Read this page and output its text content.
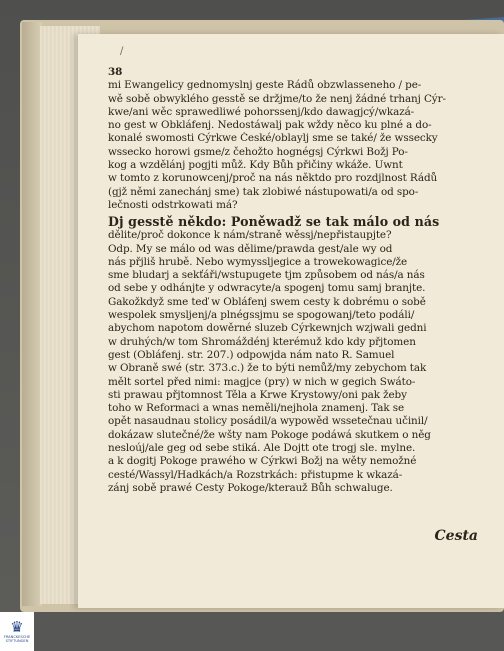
/
38
mi Ewangelicy gednomyslnj geste Rádů obzwlasseneho / pe-
wě sobě obwyklého gesstě se držjme/to že nenj žádné trhanj Cýr-
kwe/ani wěc sprawedliwé pohorssenj/kdo dawagjcý/wkazá-
no gest w Obkláfenj. Nedostáwalj pak wždy něco ku plné a do-
konalé swomosti Cýrkwe České/oblaylj sme se také/ že wssecky
wssecko horowi gsme/z čehožto hognégsj Cýrkwi Božj Po-
kog a wzdělánj pogjti můž. Kdy Bůh přičiny wkáže. Uwnt
w tomto z korunowcenj/proč na nás něktdo pro rozdjlnost Rádů
(gjž němi zanechánj sme) tak zlobiwé nástupowati/a od spo-
lečnosti odstrkowati má?
Dj gesstě někdo: Poněwadž se tak málo od nás
dělite/proč dokonce k nám/straně wěssj/nepřistaupjte?
Odp. My se málo od was dělime/prawda gest/ale wy od
nás přjliš hrubě. Nebo wymyssljegice a trowekowagice/že
sme bludarj a sekťáři/wstupugete tjm způsobem od nás/a nás
od sebe y odhánjte y odwracyte/a spogenj tomu samj branjte.
Gakožkdyž sme teď w Obláfenj swem cesty k dobrému o sobě
wespolek smysljenj/a plnégssjmu se spogowanj/teto podáli/
abychom napotom dowěrné sluzeb Cýrkewnjch wzjwali gedni
w druhých/w tom Shromáždénj kterémuž kdo kdy přjtomen
gest (Obláfenj. str. 207.) odpowjda nám nato R. Samuel
w Obraně swé (str. 373.c.) že to býti nemůž/my zebychom tak
mělt sortel před nimi: magjce (pry) w nich w gegich Swáto-
sti prawau přjtomnost Těla a Krwe Krystowy/oni pak žeby
toho w Reformaci a wnas neměli/nejhola znamenj. Tak se
opět nasaudnau stolicy posádil/a wypowěd wssetečnau učinil/
dokázaw slutečné/že wšty nam Pokoge podáwá skutkem o něg
nesloúj/ale geg od sebe stiká. Ale Dojtt ote trogj sle. mylne.
a k dogitj Pokoge prawého w Cýrkwi Božj na wěty nemožné
cesté/Wassyl/Hadkách/a Rozstrkách: přistupme k wkazá-
zánj sobě prawé Cesty Pokoge/kterauž Bůh schwaluge.
Cesta
♛
FRANCKESCHE STIFTUNGEN
